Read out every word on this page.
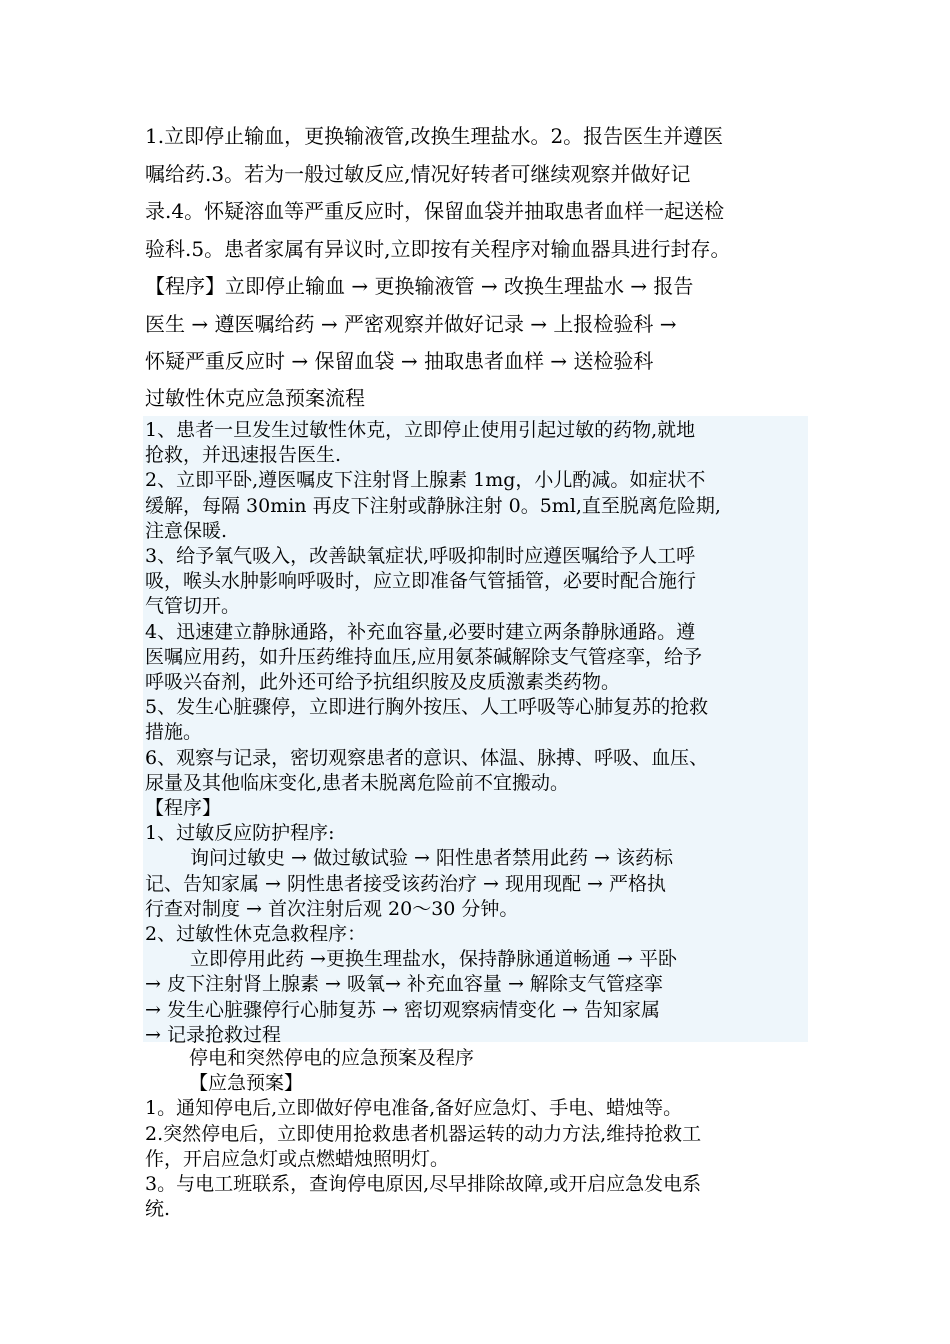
1.立即停止输血，更换输液管,改换生理盐水。2。报告医生并遵医

嘱给药.3。若为一般过敏反应,情况好转者可继续观察并做好记

录.4。怀疑溶血等严重反应时，保留血袋并抽取患者血样一起送检

验科.5。患者家属有异议时,立即按有关程序对输血器具进行封存。

【程序】立即停止输血 → 更换输液管 → 改换生理盐水 → 报告

医生 → 遵医嘱给药 → 严密观察并做好记录 → 上报检验科 →

怀疑严重反应时 → 保留血袋 → 抽取患者血样 → 送检验科

过敏性休克应急预案流程

1、患者一旦发生过敏性休克，立即停止使用引起过敏的药物,就地

抢救，并迅速报告医生.

2、立即平卧,遵医嘱皮下注射肾上腺素 1mg，小儿酌减。如症状不

缓解，每隔 30min 再皮下注射或静脉注射 0。5ml,直至脱离危险期,

注意保暖.

3、给予氧气吸入，改善缺氧症状,呼吸抑制时应遵医嘱给予人工呼

吸，喉头水肿影响呼吸时，应立即准备气管插管，必要时配合施行

气管切开。

4、迅速建立静脉通路，补充血容量,必要时建立两条静脉通路。遵

医嘱应用药，如升压药维持血压,应用氨茶碱解除支气管痉挛，给予

呼吸兴奋剂，此外还可给予抗组织胺及皮质激素类药物。

5、发生心脏骤停，立即进行胸外按压、人工呼吸等心肺复苏的抢救

措施。

6、观察与记录，密切观察患者的意识、体温、脉搏、呼吸、血压、

尿量及其他临床变化,患者未脱离危险前不宜搬动。

【程序】

1、过敏反应防护程序:

询问过敏史 → 做过敏试验 → 阳性患者禁用此药 → 该药标

记、告知家属 → 阴性患者接受该药治疗 → 现用现配 → 严格执

行查对制度 → 首次注射后观 20～30 分钟。

2、过敏性休克急救程序：

立即停用此药 →更换生理盐水，保持静脉通道畅通 → 平卧

→ 皮下注射肾上腺素 → 吸氧→ 补充血容量 → 解除支气管痉挛

→ 发生心脏骤停行心肺复苏 → 密切观察病情变化 → 告知家属

→ 记录抢救过程

停电和突然停电的应急预案及程序

【应急预案】

1。通知停电后,立即做好停电准备,备好应急灯、手电、蜡烛等。

2.突然停电后，立即使用抢救患者机器运转的动力方法,维持抢救工

作，开启应急灯或点燃蜡烛照明灯。

3。与电工班联系，查询停电原因,尽早排除故障,或开启应急发电系

统.
